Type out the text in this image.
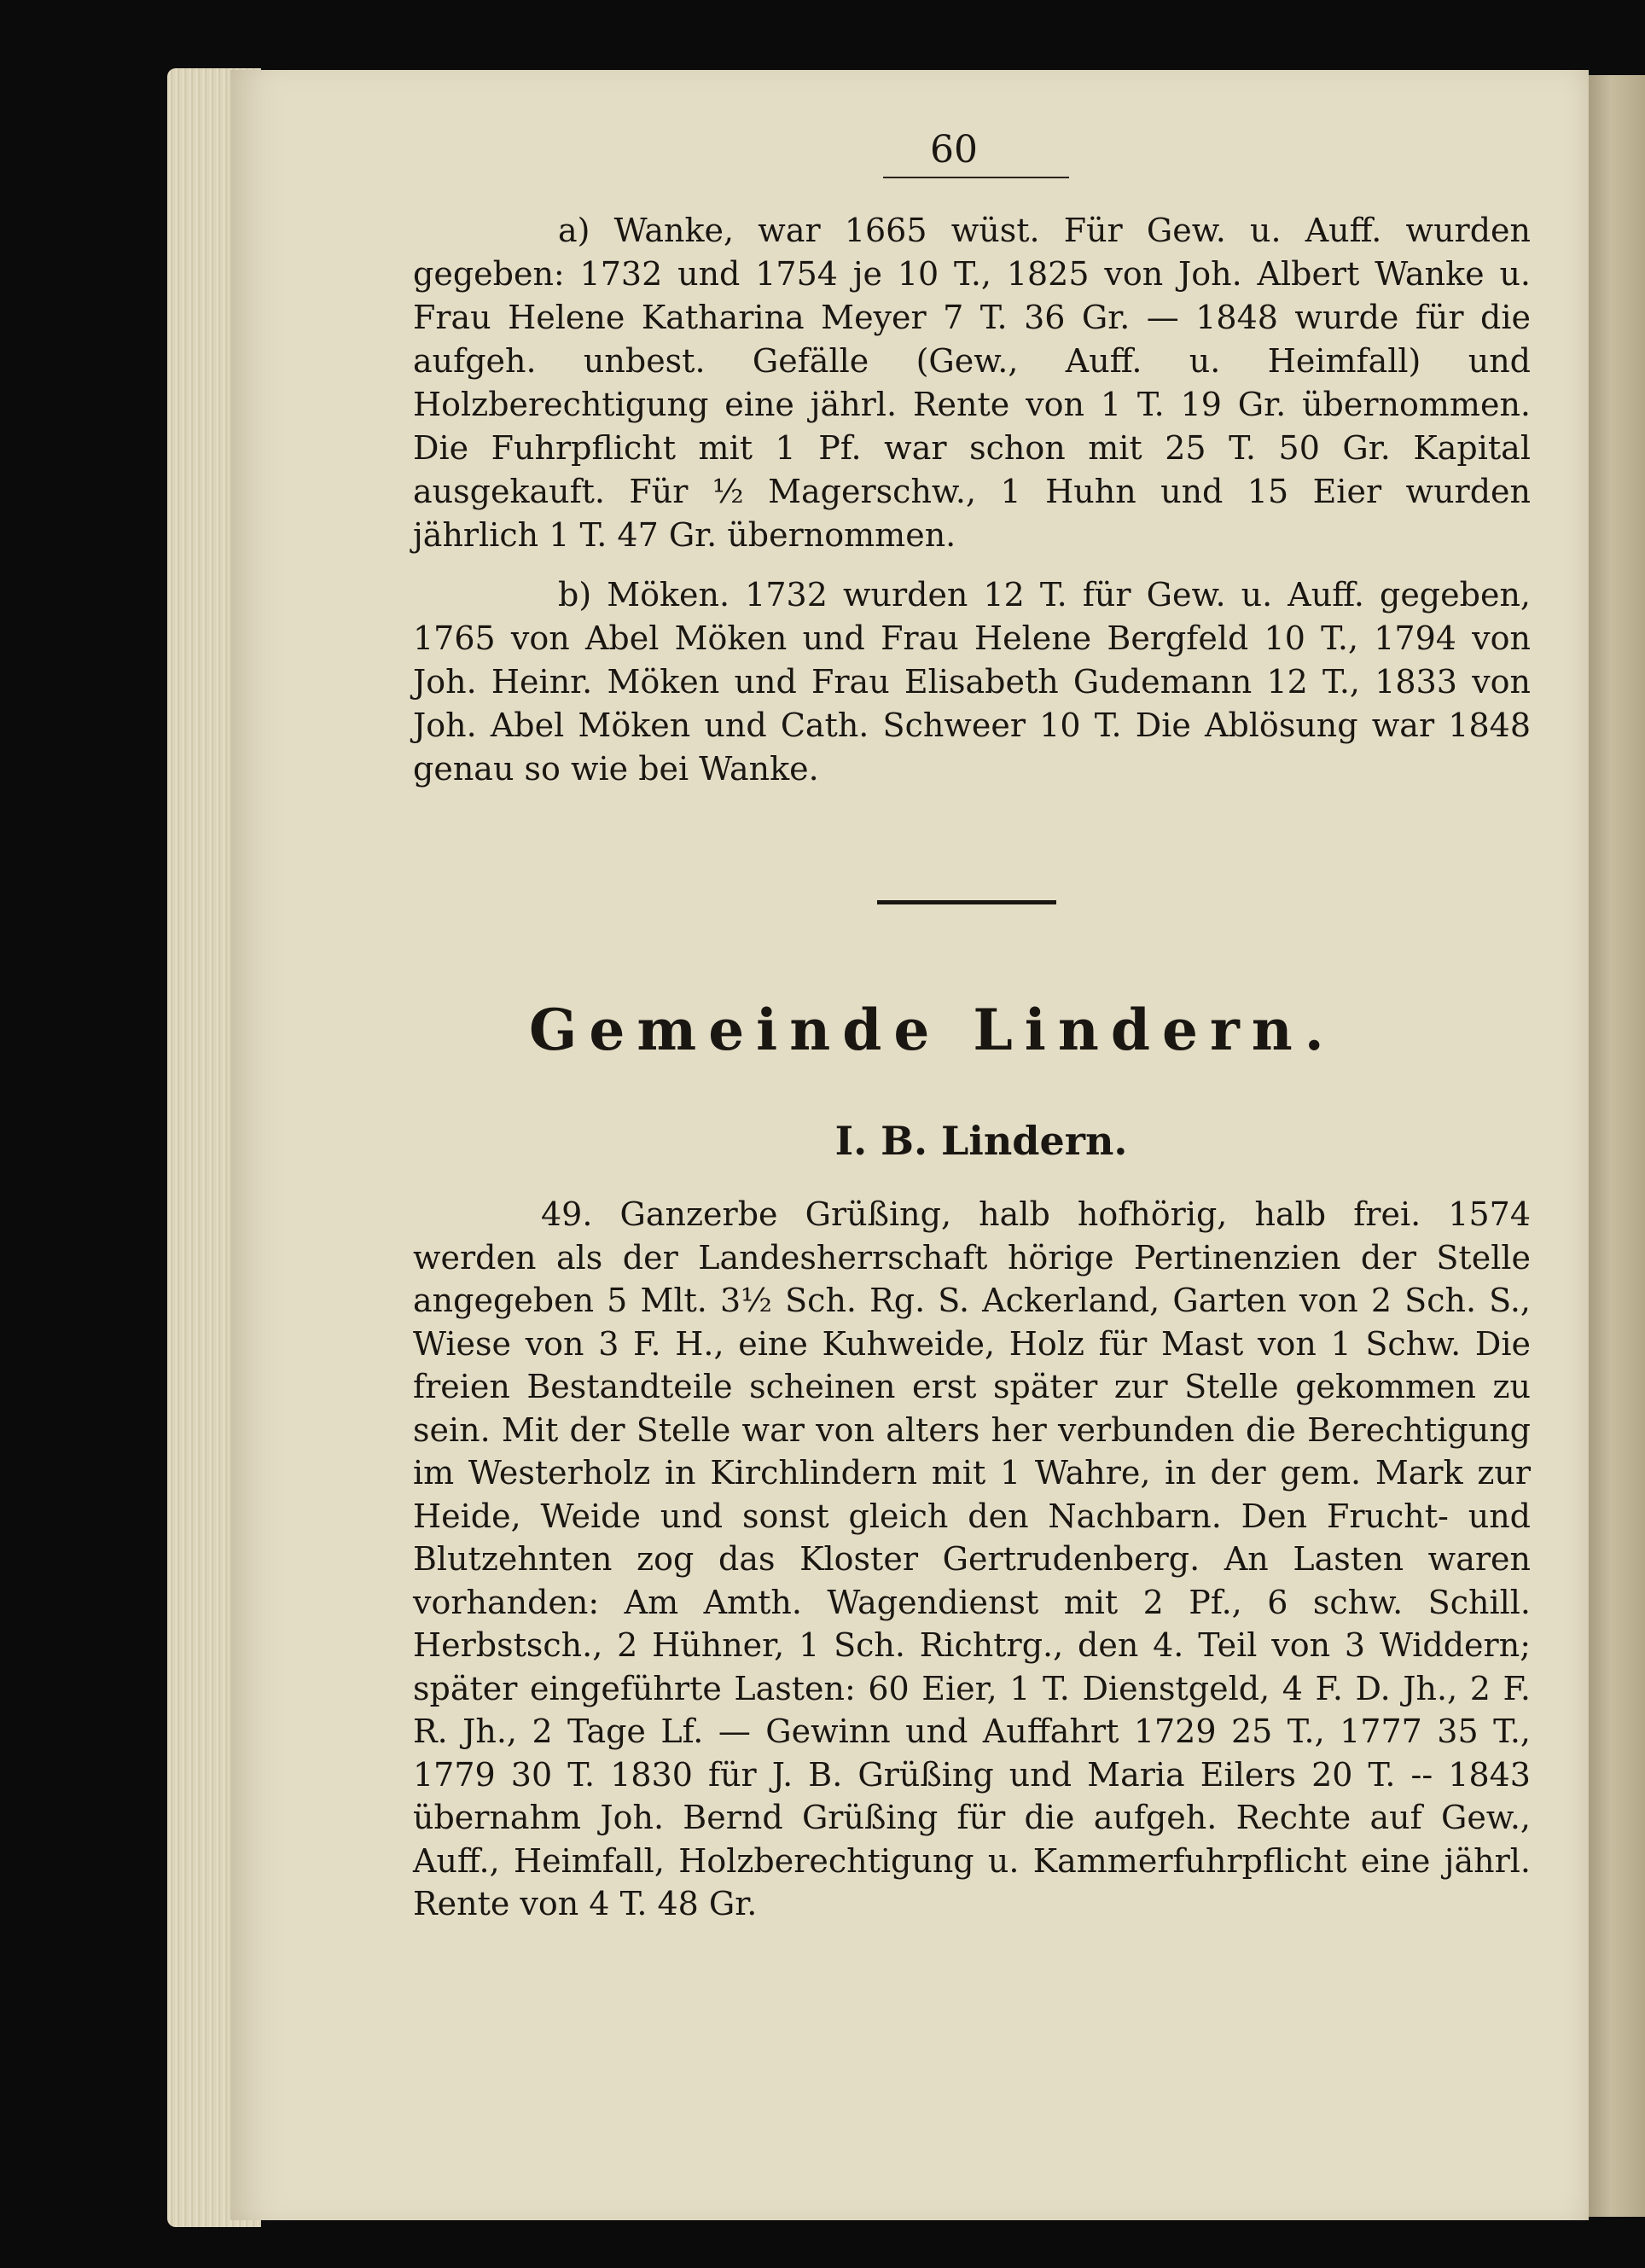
60

a) Wanke, war 1665 wüst. Für Gew. u. Auff. wurden gegeben: 1732 und 1754 je 10 T., 1825 von Joh. Albert Wanke u. Frau Helene Katharina Meyer 7 T. 36 Gr. — 1848 wurde für die aufgeh. unbest. Gefälle (Gew., Auff. u. Heimfall) und Holzberechtigung eine jährl. Rente von 1 T. 19 Gr. übernommen. Die Fuhrpflicht mit 1 Pf. war schon mit 25 T. 50 Gr. Kapital ausgekauft. Für ½ Magerschw., 1 Huhn und 15 Eier wurden jährlich 1 T. 47 Gr. übernommen.

b) Möken. 1732 wurden 12 T. für Gew. u. Auff. gegeben, 1765 von Abel Möken und Frau Helene Bergfeld 10 T., 1794 von Joh. Heinr. Möken und Frau Elisabeth Gudemann 12 T., 1833 von Joh. Abel Möken und Cath. Schweer 10 T. Die Ablösung war 1848 genau so wie bei Wanke.

Gemeinde Lindern.
I. B. Lindern.

49. Ganzerbe Grüßing, halb hofhörig, halb frei. 1574 werden als der Landesherrschaft hörige Pertinenzien der Stelle angegeben 5 Mlt. 3½ Sch. Rg. S. Ackerland, Garten von 2 Sch. S., Wiese von 3 F. H., eine Kuhweide, Holz für Mast von 1 Schw. Die freien Bestandteile scheinen erst später zur Stelle gekommen zu sein. Mit der Stelle war von alters her verbunden die Berechtigung im Westerholz in Kirchlindern mit 1 Wahre, in der gem. Mark zur Heide, Weide und sonst gleich den Nachbarn. Den Frucht- und Blutzehnten zog das Kloster Gertrudenberg. An Lasten waren vorhanden: Am Amth. Wagendienst mit 2 Pf., 6 schw. Schill. Herbstsch., 2 Hühner, 1 Sch. Richtrg., den 4. Teil von 3 Widdern; später eingeführte Lasten: 60 Eier, 1 T. Dienstgeld, 4 F. D. Jh., 2 F. R. Jh., 2 Tage Lf. — Gewinn und Auffahrt 1729 25 T., 1777 35 T., 1779 30 T. 1830 für J. B. Grüßing und Maria Eilers 20 T. -- 1843 übernahm Joh. Bernd Grüßing für die aufgeh. Rechte auf Gew., Auff., Heimfall, Holzberechtigung u. Kammerfuhrpflicht eine jährl. Rente von 4 T. 48 Gr.
